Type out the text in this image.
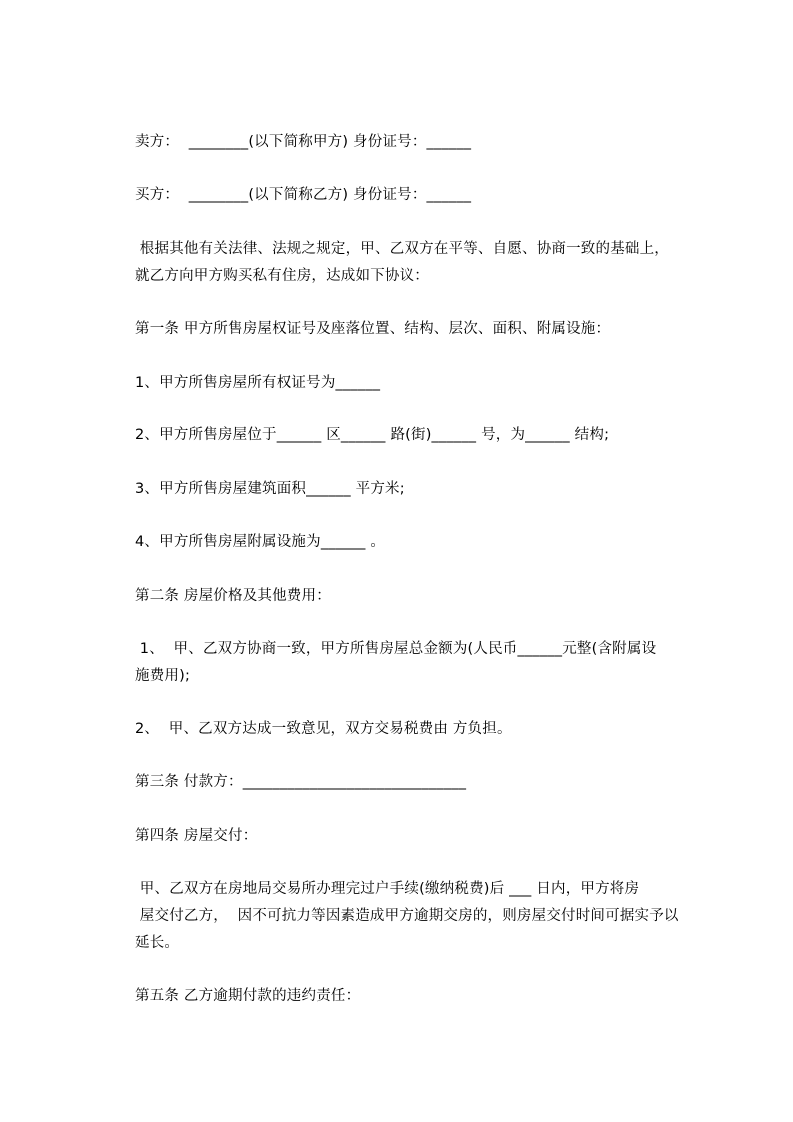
卖方：  ________(以下简称甲方) 身份证号：______
买方：  ________(以下简称乙方) 身份证号：______
根据其他有关法律、法规之规定，甲、乙双方在平等、自愿、协商一致的基础上，
就乙方向甲方购买私有住房，达成如下协议：
第一条 甲方所售房屋权证号及座落位置、结构、层次、面积、附属设施：
1、甲方所售房屋所有权证号为______
2、甲方所售房屋位于______ 区______ 路(街)______ 号，为______ 结构;
3、甲方所售房屋建筑面积______ 平方米;
4、甲方所售房屋附属设施为______ 。
第二条 房屋价格及其他费用：
1、  甲、乙双方协商一致，甲方所售房屋总金额为(人民币______元整(含附属设
施费用);
2、  甲、乙双方达成一致意见，双方交易税费由 方负担。
第三条 付款方：______________________________
第四条 房屋交付：
甲、乙双方在房地局交易所办理完过户手续(缴纳税费)后 ___ 日内，甲方将房
屋交付乙方，  因不可抗力等因素造成甲方逾期交房的，则房屋交付时间可据实予以
延长。
第五条 乙方逾期付款的违约责任：
